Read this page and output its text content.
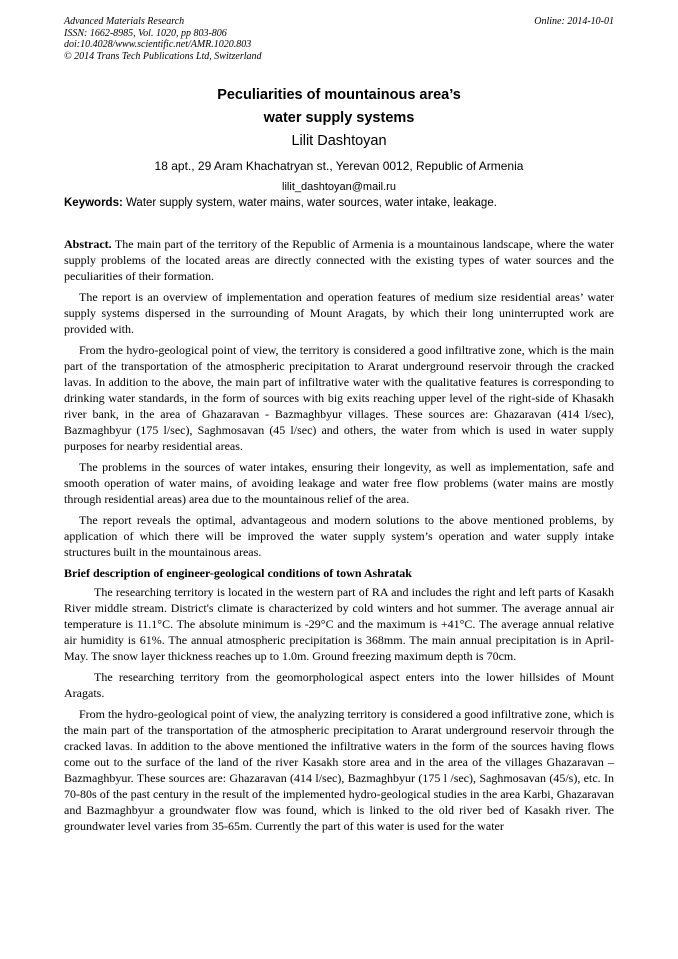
Advanced Materials Research
ISSN: 1662-8985, Vol. 1020, pp 803-806
doi:10.4028/www.scientific.net/AMR.1020.803
© 2014 Trans Tech Publications Ltd, Switzerland
Online: 2014-10-01
Peculiarities of mountainous area’s
water supply systems
Lilit Dashtoyan
18 apt., 29 Aram Khachatryan st., Yerevan 0012, Republic of Armenia
lilit_dashtoyan@mail.ru
Keywords: Water supply system, water mains, water sources, water intake, leakage.

Abstract. The main part of the territory of the Republic of Armenia is a mountainous landscape, where the water supply problems of the located areas are directly connected with the existing types of water sources and the peculiarities of their formation.

The report is an overview of implementation and operation features of medium size residential areas’ water supply systems dispersed in the surrounding of Mount Aragats, by which their long uninterrupted work are provided with.

From the hydro-geological point of view, the territory is considered a good infiltrative zone, which is the main part of the transportation of the atmospheric precipitation to Ararat underground reservoir through the cracked lavas. In addition to the above, the main part of infiltrative water with the qualitative features is corresponding to drinking water standards, in the form of sources with big exits reaching upper level of the right-side of Khasakh river bank, in the area of Ghazaravan - Bazmaghbyur villages. These sources are: Ghazaravan (414 l/sec), Bazmaghbyur (175 l/sec), Saghmosavan (45 l/sec) and others, the water from which is used in water supply purposes for nearby residential areas.

The problems in the sources of water intakes, ensuring their longevity, as well as implementation, safe and smooth operation of water mains, of avoiding leakage and water free flow problems (water mains are mostly through residential areas) area due to the mountainous relief of the area.

The report reveals the optimal, advantageous and modern solutions to the above mentioned problems, by application of which there will be improved the water supply system’s operation and water supply intake structures built in the mountainous areas.

Brief description of engineer-geological conditions of town Ashratak

The researching territory is located in the western part of RA and includes the right and left parts of Kasakh River middle stream. District's climate is characterized by cold winters and hot summer. The average annual air temperature is 11.1°C. The absolute minimum is -29°C and the maximum is +41°C. The average annual relative air humidity is 61%. The annual atmospheric precipitation is 368mm. The main annual precipitation is in April-May. The snow layer thickness reaches up to 1.0m. Ground freezing maximum depth is 70cm.

The researching territory from the geomorphological aspect enters into the lower hillsides of Mount Aragats.

From the hydro-geological point of view, the analyzing territory is considered a good infiltrative zone, which is the main part of the transportation of the atmospheric precipitation to Ararat underground reservoir through the cracked lavas. In addition to the above mentioned the infiltrative waters in the form of the sources having flows come out to the surface of the land of the river Kasakh store area and in the area of the villages Ghazaravan – Bazmaghbyur. These sources are: Ghazaravan (414 l/sec), Bazmaghbyur (175 l /sec), Saghmosavan (45/s), etc. In 70-80s of the past century in the result of the implemented hydro-geological studies in the area Karbi, Ghazaravan and Bazmaghbyur a groundwater flow was found, which is linked to the old river bed of Kasakh river. The groundwater level varies from 35-65m. Currently the part of this water is used for the water
